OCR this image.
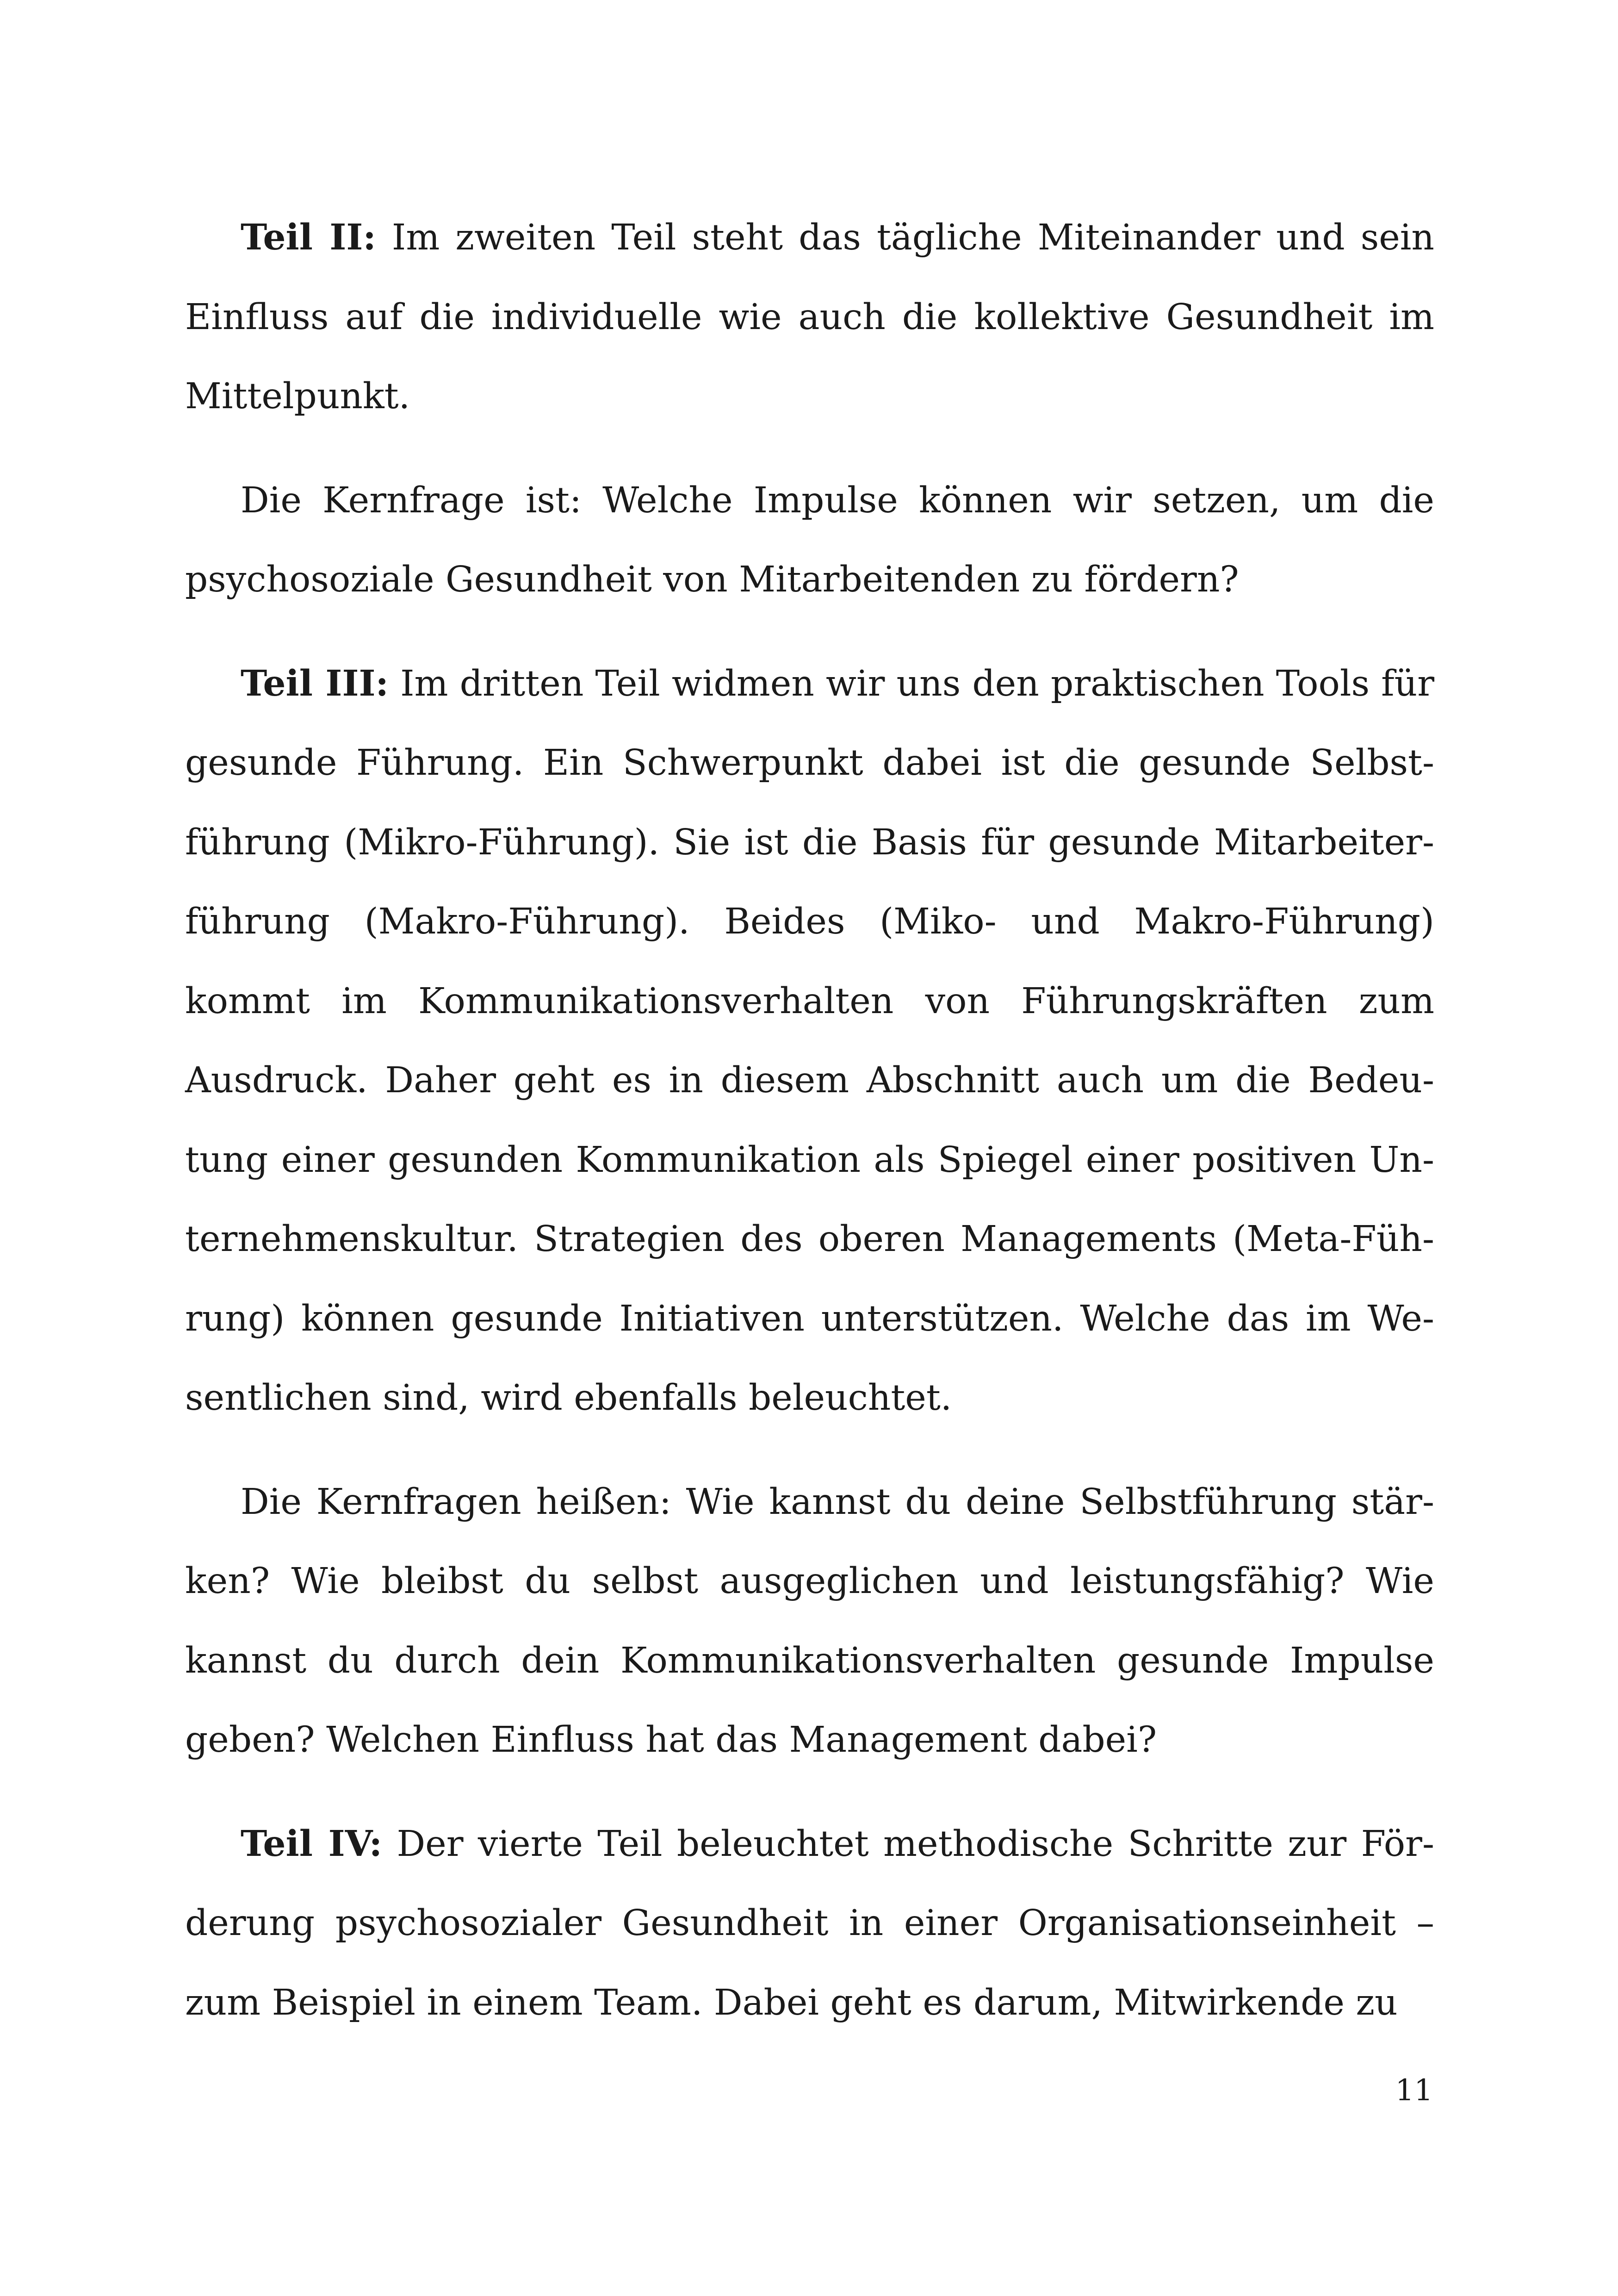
Teil II: Im zweiten Teil steht das tägliche Miteinander und sein Einfluss auf die individuelle wie auch die kollektive Gesundheit im Mittelpunkt.

Die Kernfrage ist: Welche Impulse können wir setzen, um die psychosoziale Gesundheit von Mitarbeitenden zu fördern?

Teil III: Im dritten Teil widmen wir uns den praktischen Tools für gesunde Führung. Ein Schwerpunkt dabei ist die gesunde Selbstführung (Mikro-Führung). Sie ist die Basis für gesunde Mitarbeiterführung (Makro-Führung). Beides (Miko- und Makro-Führung) kommt im Kommunikationsverhalten von Führungskräften zum Ausdruck. Daher geht es in diesem Abschnitt auch um die Bedeutung einer gesunden Kommunikation als Spiegel einer positiven Unternehmenskultur. Strategien des oberen Managements (Meta-Führung) können gesunde Initiativen unterstützen. Welche das im Wesentlichen sind, wird ebenfalls beleuchtet.

Die Kernfragen heißen: Wie kannst du deine Selbstführung stärken? Wie bleibst du selbst ausgeglichen und leistungsfähig? Wie kannst du durch dein Kommunikationsverhalten gesunde Impulse geben? Welchen Einfluss hat das Management dabei?

Teil IV: Der vierte Teil beleuchtet methodische Schritte zur Förderung psychosozialer Gesundheit in einer Organisationseinheit – zum Beispiel in einem Team. Dabei geht es darum, Mitwirkende zu

11
